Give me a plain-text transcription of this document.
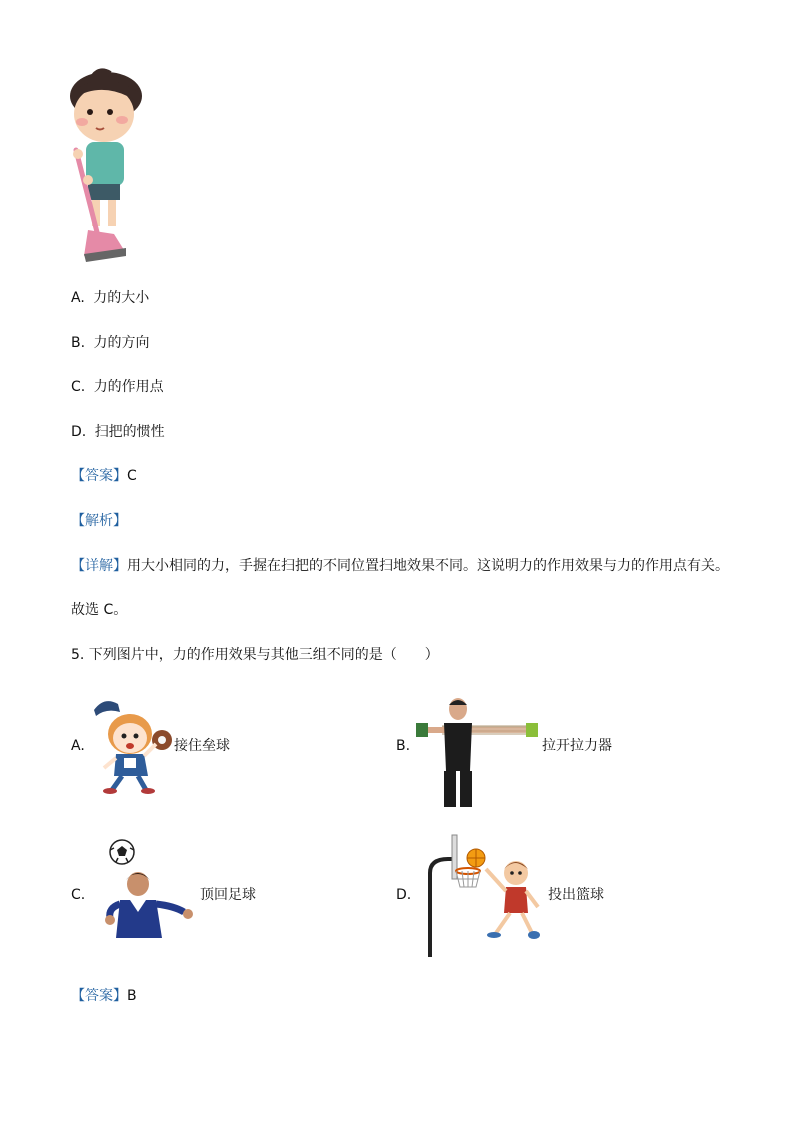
A. 力的大小
B. 力的方向
C. 力的作用点
D. 扫把的惯性
【答案】C
【解析】
【详解】用大小相同的力，手握在扫把的不同位置扫地效果不同。这说明力的作用效果与力的作用点有关。
故选 C。
5. 下列图片中，力的作用效果与其他三组不同的是（　　）
A.	接住垒球	B.	拉开拉力器
C.	顶回足球	D.	投出篮球
【答案】B
